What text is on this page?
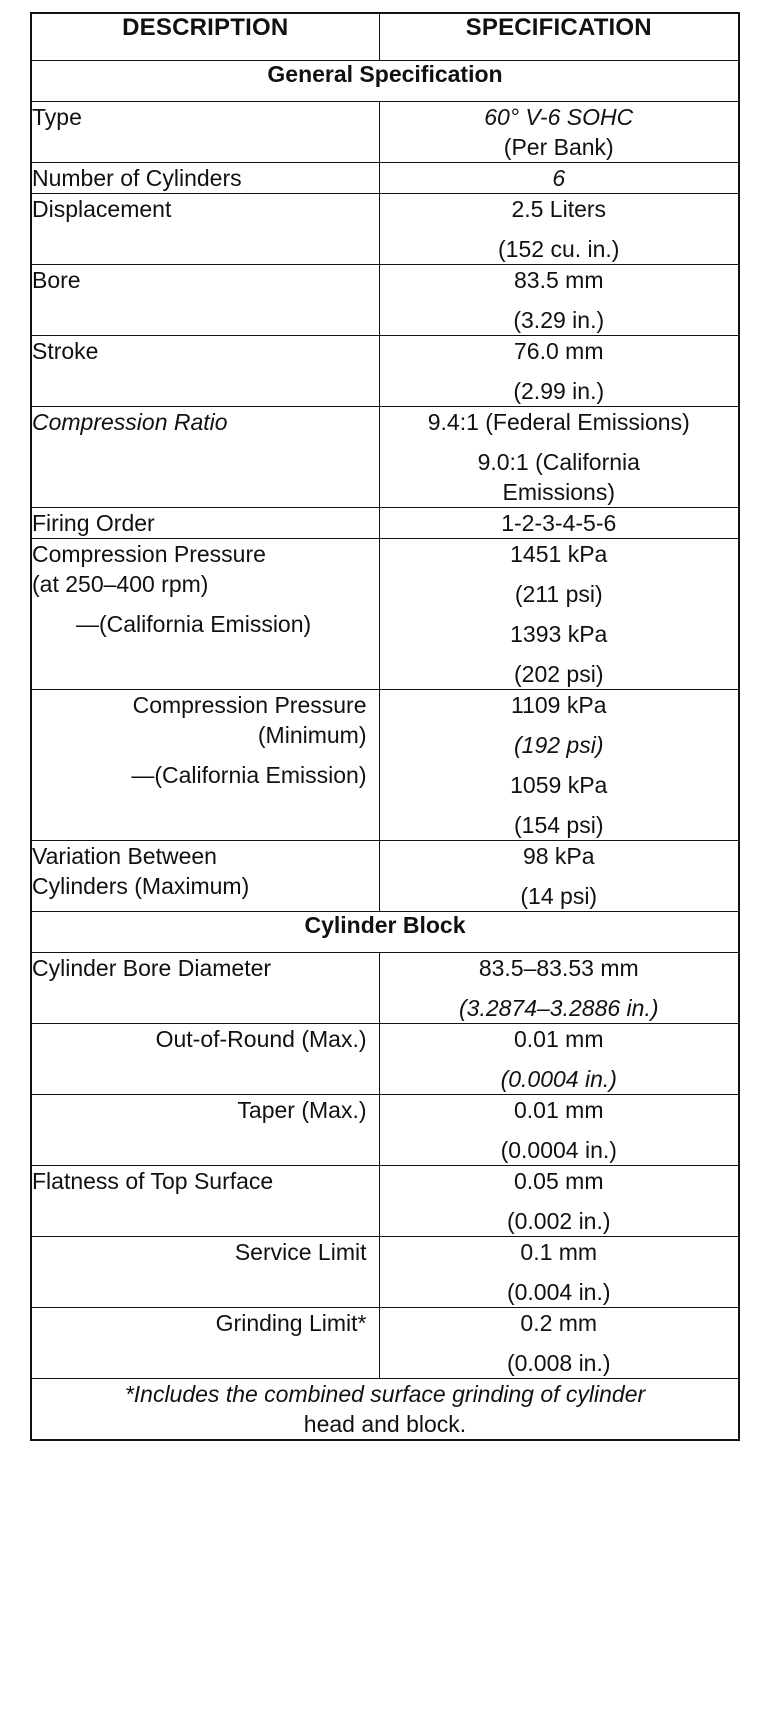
DESCRIPTION	SPECIFICATION
General Specification	

Type	60° V-6 SOHC
(Per Bank)

Number of Cylinders	6

Displacement	2.5 Liters
(152 cu. in.)

Bore	83.5 mm
(3.29 in.)

Stroke	76.0 mm
(2.99 in.)

Compression Ratio	9.4:1 (Federal Emissions)
9.0:1 (California
Emissions)

Firing Order	1-2-3-4-5-6

Compression Pressure
(at 250–400 rpm)
—(California Emission)	1451 kPa
(211 psi)
1393 kPa
(202 psi)

Compression Pressure
(Minimum)
—(California Emission)	1109 kPa
(192 psi)
1059 kPa
(154 psi)

Variation Between
Cylinders (Maximum)	98 kPa
(14 psi)

Cylinder Block	

Cylinder Bore Diameter	83.5–83.53 mm
(3.2874–3.2886 in.)

Out-of-Round (Max.)	0.01 mm
(0.0004 in.)

Taper (Max.)	0.01 mm
(0.0004 in.)

Flatness of Top Surface	0.05 mm
(0.002 in.)

Service Limit	0.1 mm
(0.004 in.)

Grinding Limit*	0.2 mm
(0.008 in.)

*Includes the combined surface grinding of cylinder
head and block.	
